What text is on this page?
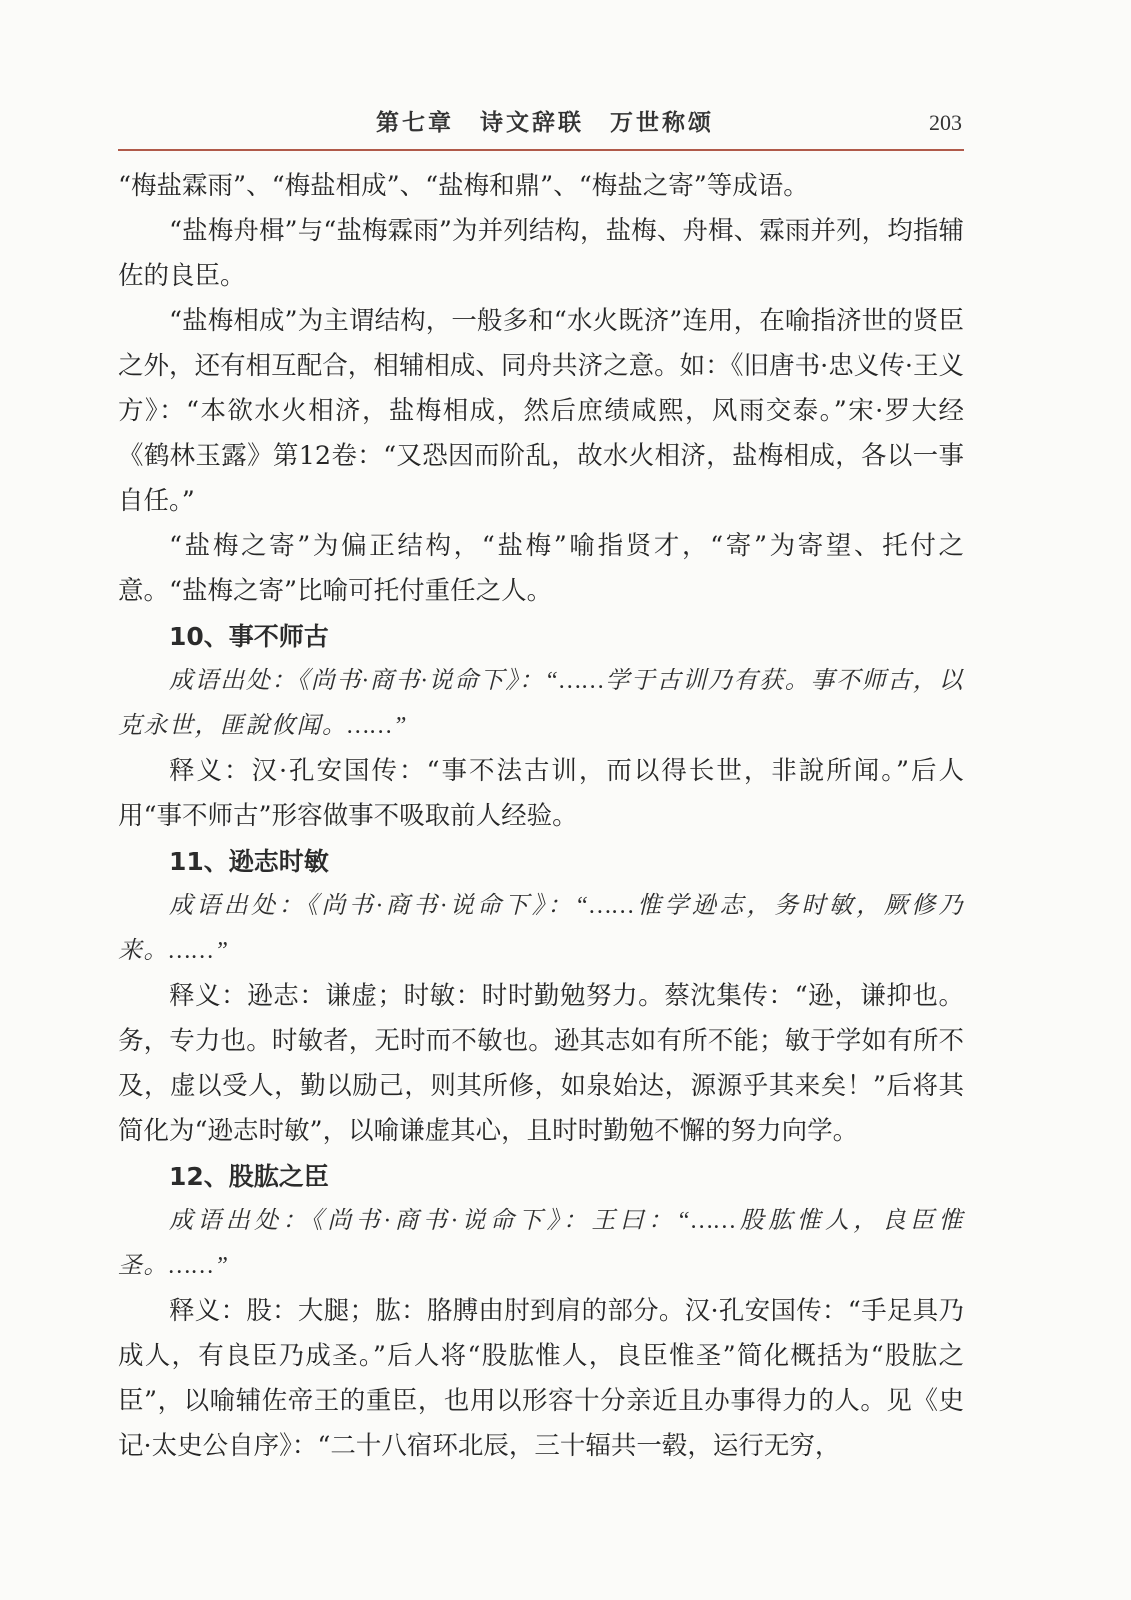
第七章　诗文辞联　万世称颂	203

“梅盐霖雨”、“梅盐相成”、“盐梅和鼎”、“梅盐之寄”等成语。

“盐梅舟楫”与“盐梅霖雨”为并列结构，盐梅、舟楫、霖雨并列，均指辅佐的良臣。

“盐梅相成”为主谓结构，一般多和“水火既济”连用，在喻指济世的贤臣之外，还有相互配合，相辅相成、同舟共济之意。如：《旧唐书·忠义传·王义方》：“本欲水火相济，盐梅相成，然后庶绩咸熙，风雨交泰。”宋·罗大经《鹤林玉露》第12卷：“又恐因而阶乱，故水火相济，盐梅相成，各以一事自任。”

“盐梅之寄”为偏正结构，“盐梅”喻指贤才，“寄”为寄望、托付之意。“盐梅之寄”比喻可托付重任之人。

10、事不师古

成语出处：《尚书·商书·说命下》：“……学于古训乃有获。事不师古，以克永世，匪說攸闻。……”

释义：汉·孔安国传：“事不法古训，而以得长世，非說所闻。”后人用“事不师古”形容做事不吸取前人经验。

11、逊志时敏

成语出处：《尚书·商书·说命下》：“……惟学逊志，务时敏，厥修乃来。……”

释义：逊志：谦虚；时敏：时时勤勉努力。蔡沈集传：“逊，谦抑也。务，专力也。时敏者，无时而不敏也。逊其志如有所不能；敏于学如有所不及，虚以受人，勤以励己，则其所修，如泉始达，源源乎其来矣！”后将其简化为“逊志时敏”，以喻谦虚其心，且时时勤勉不懈的努力向学。

12、股肱之臣

成语出处：《尚书·商书·说命下》：王曰：“……股肱惟人，良臣惟圣。……”

释义：股：大腿；肱：胳膊由肘到肩的部分。汉·孔安国传：“手足具乃成人，有良臣乃成圣。”后人将“股肱惟人，良臣惟圣”简化概括为“股肱之臣”，以喻辅佐帝王的重臣，也用以形容十分亲近且办事得力的人。见《史记·太史公自序》：“二十八宿环北辰，三十辐共一毂，运行无穷，
